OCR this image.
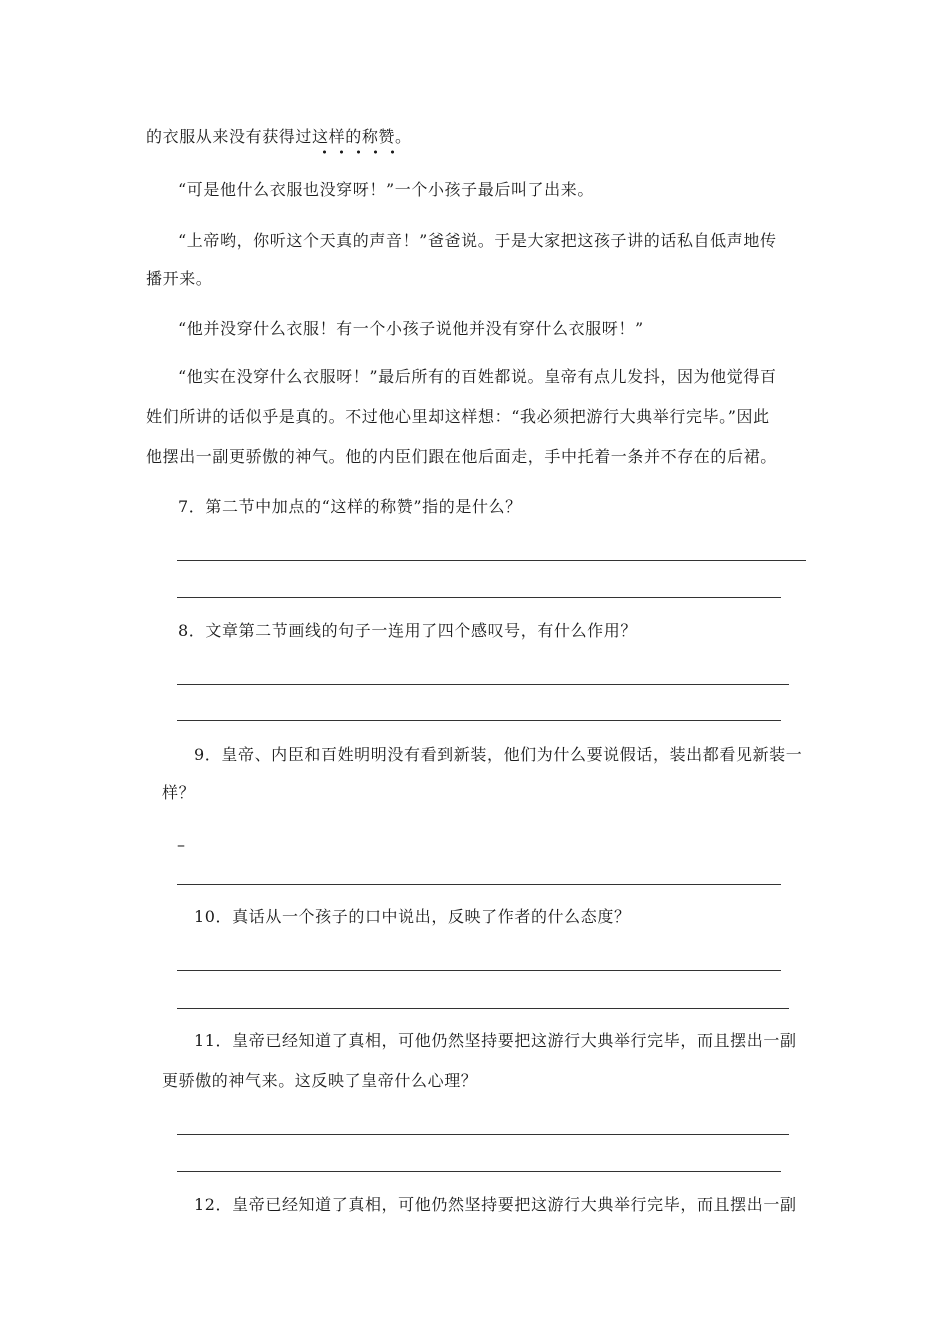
的衣服从来没有获得过这样的称赞。
“可是他什么衣服也没穿呀！”一个小孩子最后叫了出来。
“上帝哟，你听这个天真的声音！”爸爸说。于是大家把这孩子讲的话私自低声地传
播开来。
“他并没穿什么衣服！有一个小孩子说他并没有穿什么衣服呀！”
“他实在没穿什么衣服呀！”最后所有的百姓都说。皇帝有点儿发抖，因为他觉得百
姓们所讲的话似乎是真的。不过他心里却这样想：“我必须把游行大典举行完毕。”因此
他摆出一副更骄傲的神气。他的内臣们跟在他后面走，手中托着一条并不存在的后裙。
7．第二节中加点的“这样的称赞”指的是什么？
8．文章第二节画线的句子一连用了四个感叹号，有什么作用？
9．皇帝、内臣和百姓明明没有看到新装，他们为什么要说假话，装出都看见新装一
样？
–
10．真话从一个孩子的口中说出，反映了作者的什么态度？
11．皇帝已经知道了真相，可他仍然坚持要把这游行大典举行完毕，而且摆出一副
更骄傲的神气来。这反映了皇帝什么心理？
12．皇帝已经知道了真相，可他仍然坚持要把这游行大典举行完毕，而且摆出一副
